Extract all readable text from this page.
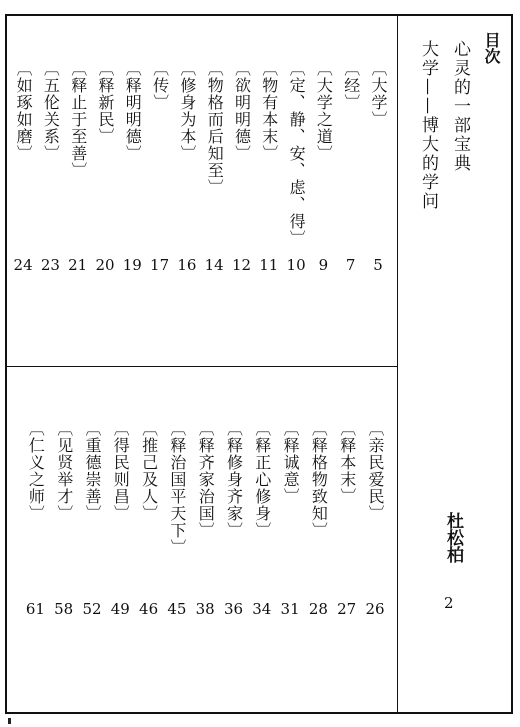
目次
心灵的一部宝典
大学——博大的学问
杜松柏
2
〔大学〕
5
〔经〕
7
〔大学之道〕
9
〔定、静、安、虑、得〕
10
〔物有本末〕
11
〔欲明明德〕
12
〔物格而后知至〕
14
〔修身为本〕
16
〔传〕
17
〔释明明德〕
19
〔释新民〕
20
〔释止于至善〕
21
〔五伦关系〕
23
〔如琢如磨〕
24
〔亲民爱民〕
26
〔释本末〕
27
〔释格物致知〕
28
〔释诚意〕
31
〔释正心修身〕
34
〔释修身齐家〕
36
〔释齐家治国〕
38
〔释治国平天下〕
45
〔推己及人〕
46
〔得民则昌〕
49
〔重德崇善〕
52
〔见贤举才〕
58
〔仁义之师〕
61
